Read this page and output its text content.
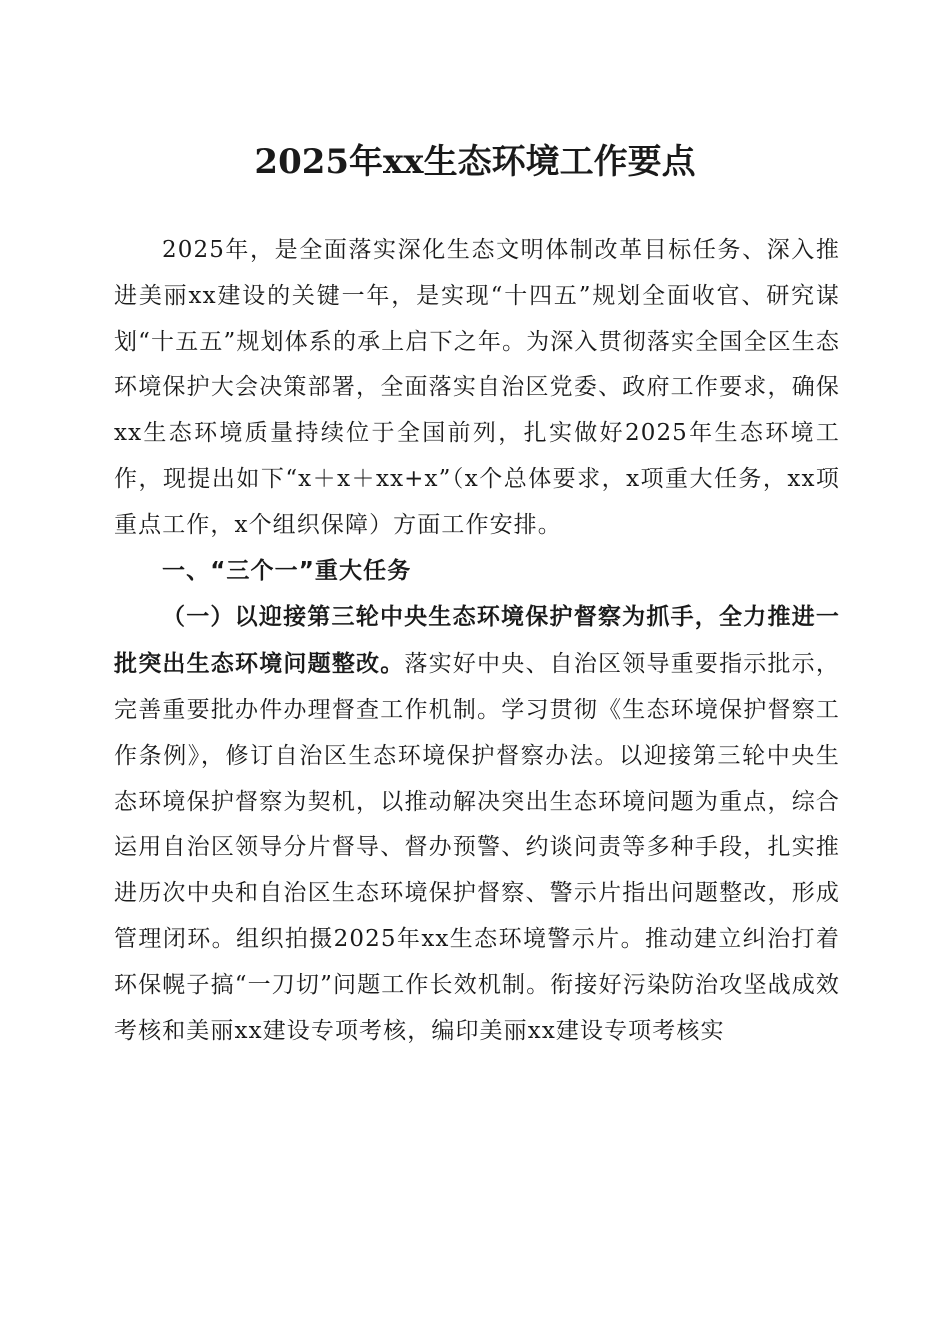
2025年xx生态环境工作要点

2025年，是全面落实深化生态文明体制改革目标任务、深入推进美丽xx建设的关键一年，是实现“十四五”规划全面收官、研究谋划“十五五”规划体系的承上启下之年。为深入贯彻落实全国全区生态环境保护大会决策部署，全面落实自治区党委、政府工作要求，确保xx生态环境质量持续位于全国前列，扎实做好2025年生态环境工作，现提出如下“x＋x＋xx+x”（x个总体要求，x项重大任务，xx项重点工作，x个组织保障）方面工作安排。

一、“三个一”重大任务

（一）以迎接第三轮中央生态环境保护督察为抓手，全力推进一批突出生态环境问题整改。落实好中央、自治区领导重要指示批示，完善重要批办件办理督查工作机制。学习贯彻《生态环境保护督察工作条例》，修订自治区生态环境保护督察办法。以迎接第三轮中央生态环境保护督察为契机，以推动解决突出生态环境问题为重点，综合运用自治区领导分片督导、督办预警、约谈问责等多种手段，扎实推进历次中央和自治区生态环境保护督察、警示片指出问题整改，形成管理闭环。组织拍摄2025年xx生态环境警示片。推动建立纠治打着环保幌子搞“一刀切”问题工作长效机制。衔接好污染防治攻坚战成效考核和美丽xx建设专项考核，编印美丽xx建设专项考核实
